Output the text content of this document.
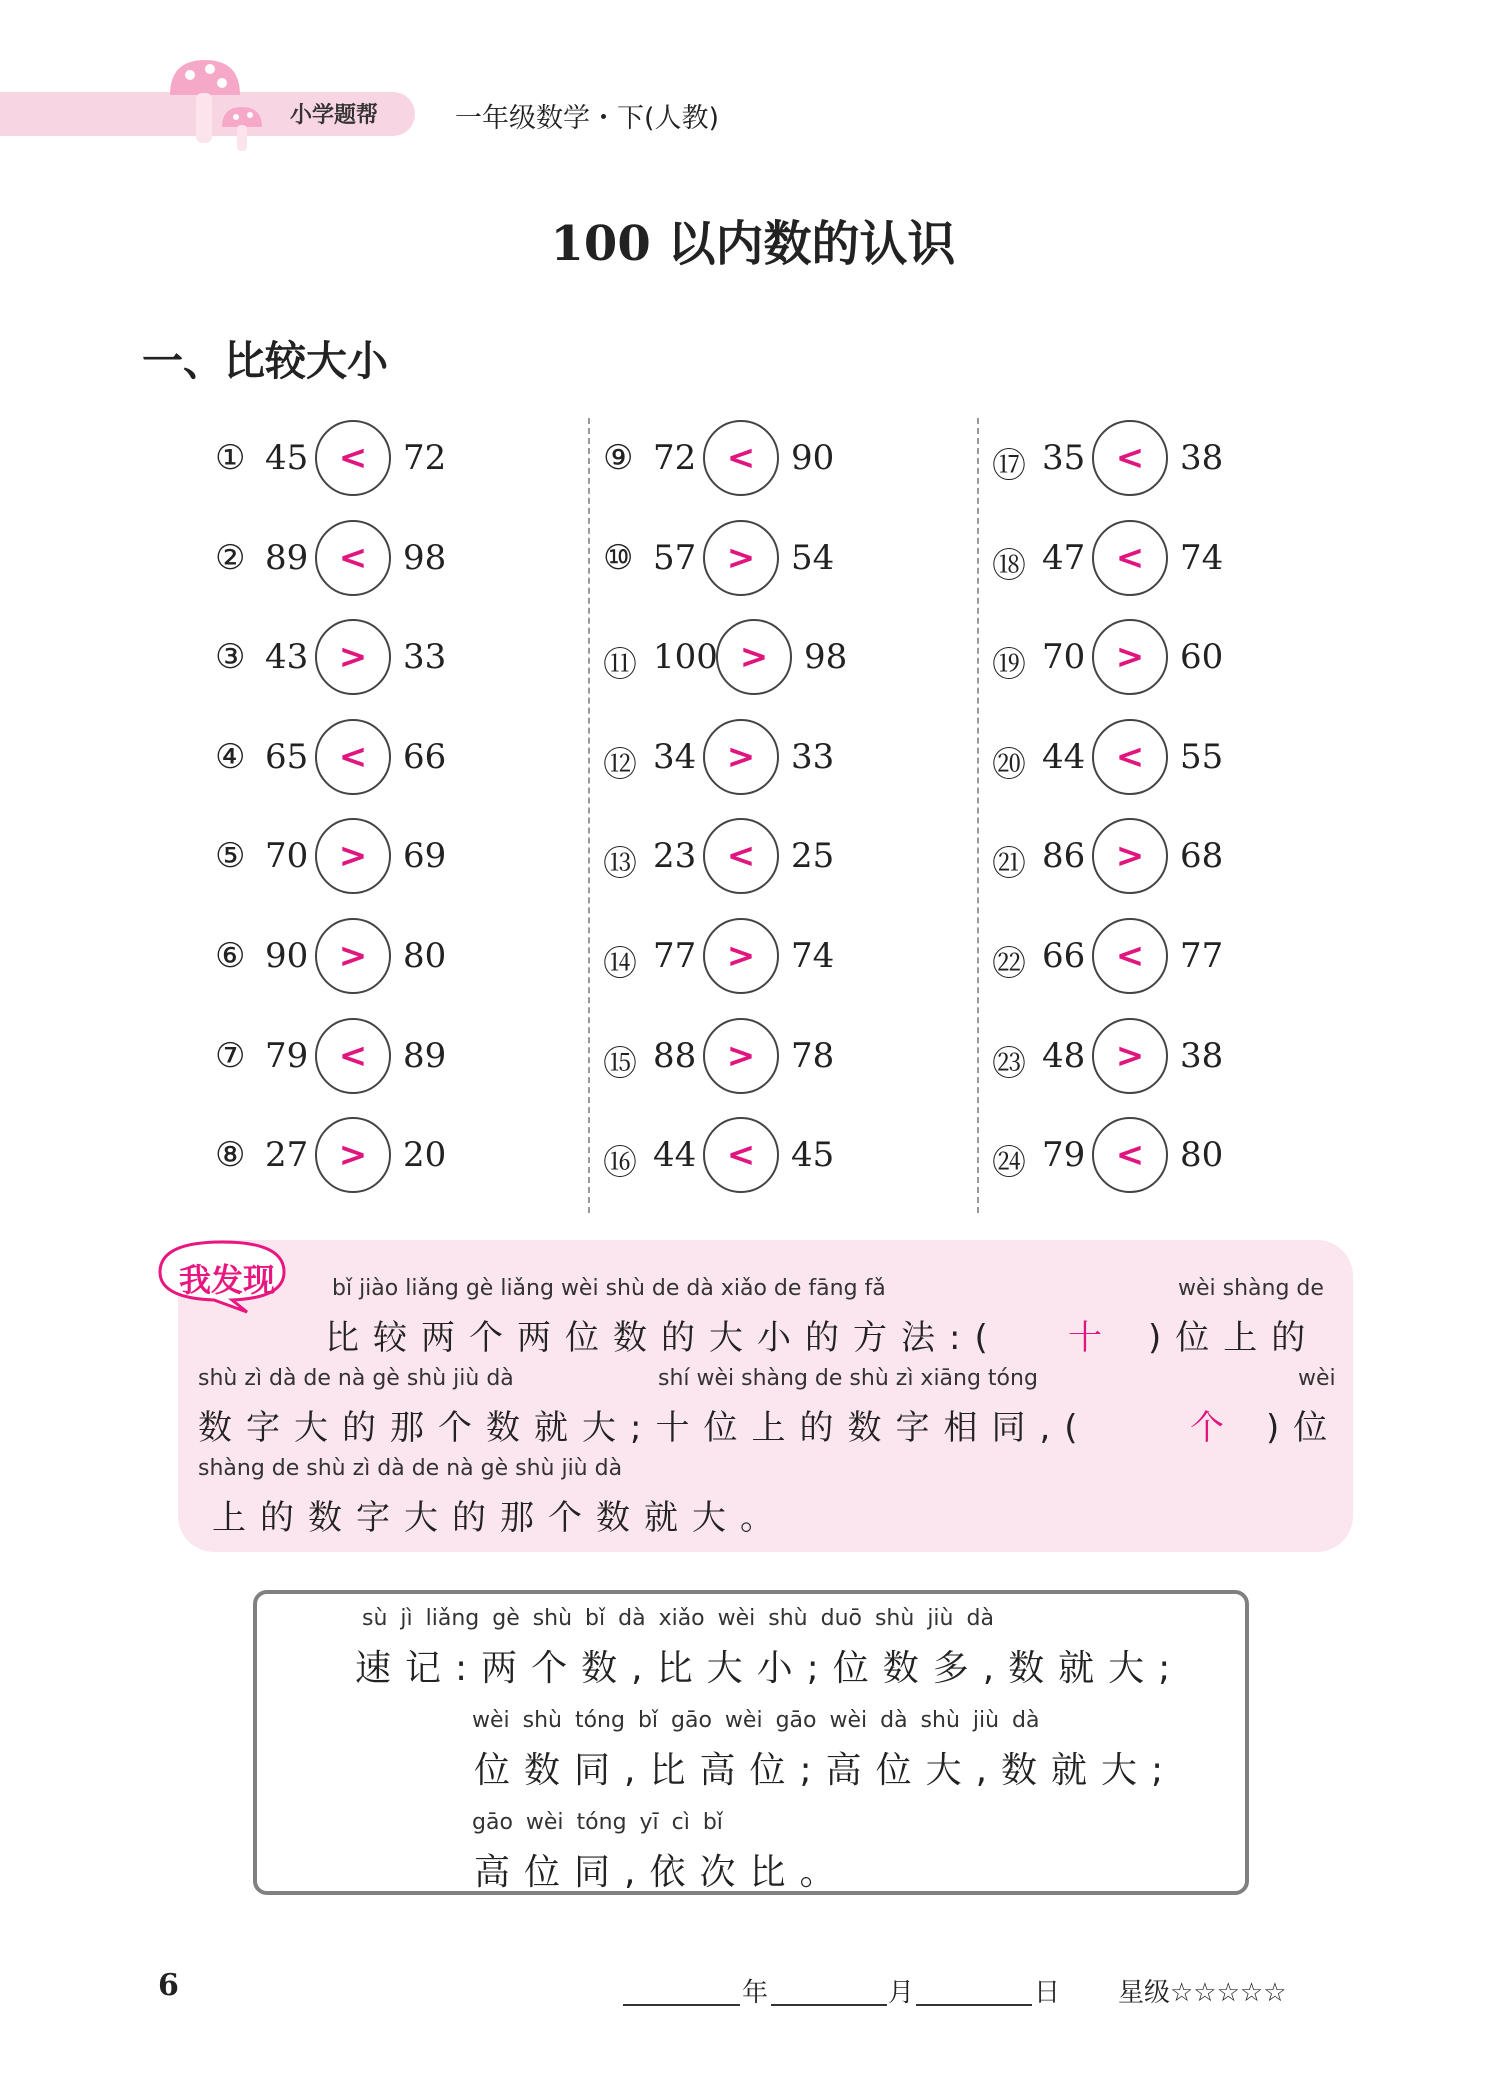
小学题帮	一年级数学・下(人教)
100 以内数的认识
一、比较大小
① 45 < 72
② 89 < 98
③ 43 > 33
④ 65 < 66
⑤ 70 > 69
⑥ 90 > 80
⑦ 79 < 89
⑧ 27 > 20
⑨ 72 < 90
⑩ 57 > 54
⑪ 100 > 98
⑫ 34 > 33
⑬ 23 < 25
⑭ 77 > 74
⑮ 88 > 78
⑯ 44 < 45
⑰ 35 < 38
⑱ 47 < 74
⑲ 70 > 60
⑳ 44 < 55
㉑ 86 > 68
㉒ 66 < 77
㉓ 48 > 38
㉔ 79 < 80
我发现	bǐ jiào liǎng gè liǎng wèi shù de dà xiǎo de fāng fǎ	wèi shàng de
比较两个两位数的大小的方法:( 十 )位上的
shù zì dà de nà gè shù jiù dà	shí wèi shàng de shù zì xiāng tóng	wèi
数字大的那个数就大;十位上的数字相同,(	个 )位
shàng de shù zì dà de nà gè shù jiù dà
上的数字大的那个数就大。
sù jì liǎng gè shù bǐ dà xiǎo wèi shù duō shù jiù dà
速记:两个数,比大小;位数多,数就大;
wèi shù tóng bǐ gāo wèi gāo wèi dà shù jiù dà
位数同,比高位;高位大,数就大;
gāo wèi tóng yī cì bǐ
高位同,依次比。
6	年	月	日 星级☆☆☆☆☆
